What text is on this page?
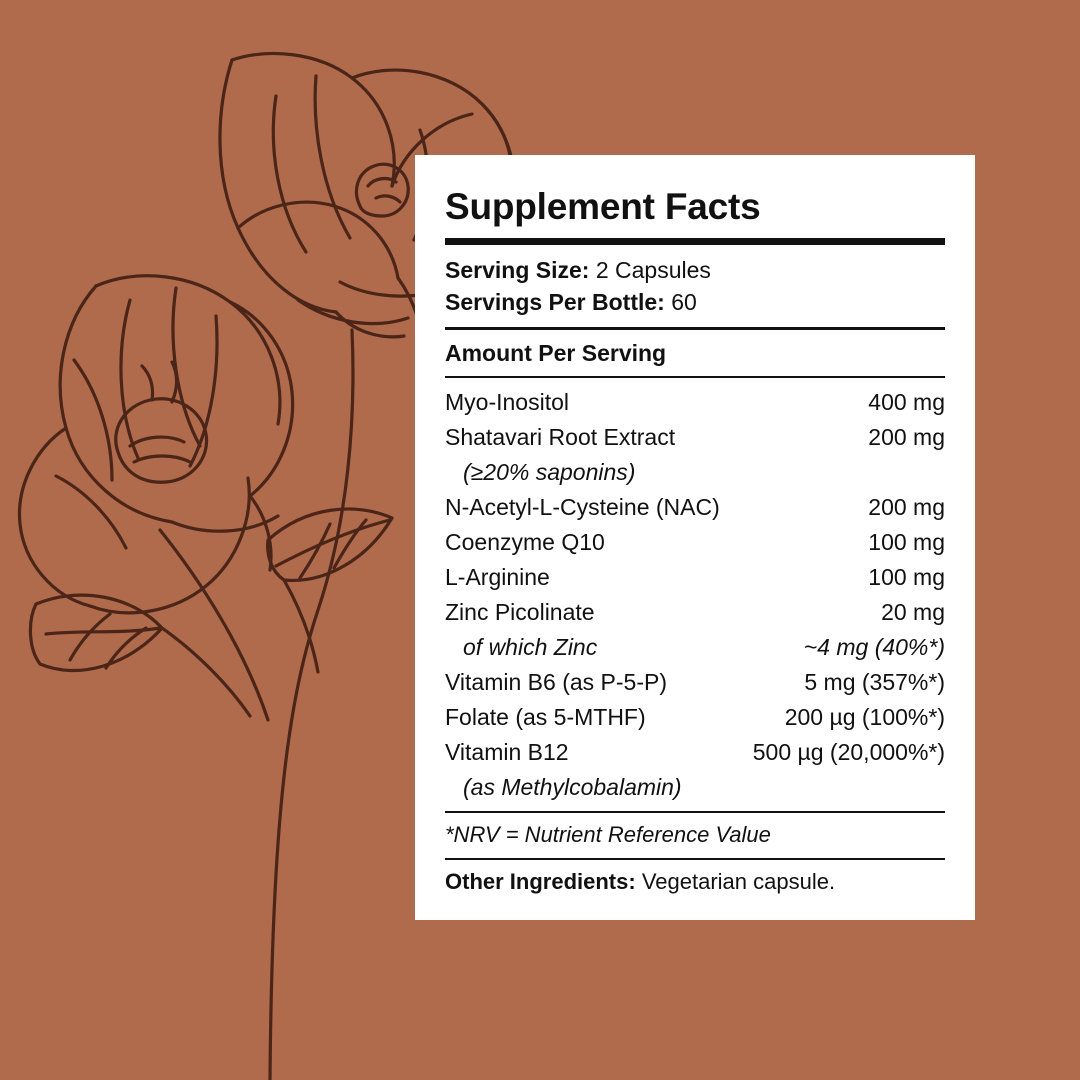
Supplement Facts
Serving Size: 2 Capsules
Servings Per Bottle: 60
Amount Per Serving
Myo-Inositol	400 mg
Shatavari Root Extract	200 mg
(≥20% saponins)
N-Acetyl-L-Cysteine (NAC)	200 mg
Coenzyme Q10	100 mg
L-Arginine	100 mg
Zinc Picolinate	20 mg
of which Zinc	~4 mg (40%*)
Vitamin B6 (as P-5-P)	5 mg (357%*)
Folate (as 5-MTHF)	200 µg (100%*)
Vitamin B12	500 µg (20,000%*)
(as Methylcobalamin)
*NRV = Nutrient Reference Value
Other Ingredients: Vegetarian capsule.
